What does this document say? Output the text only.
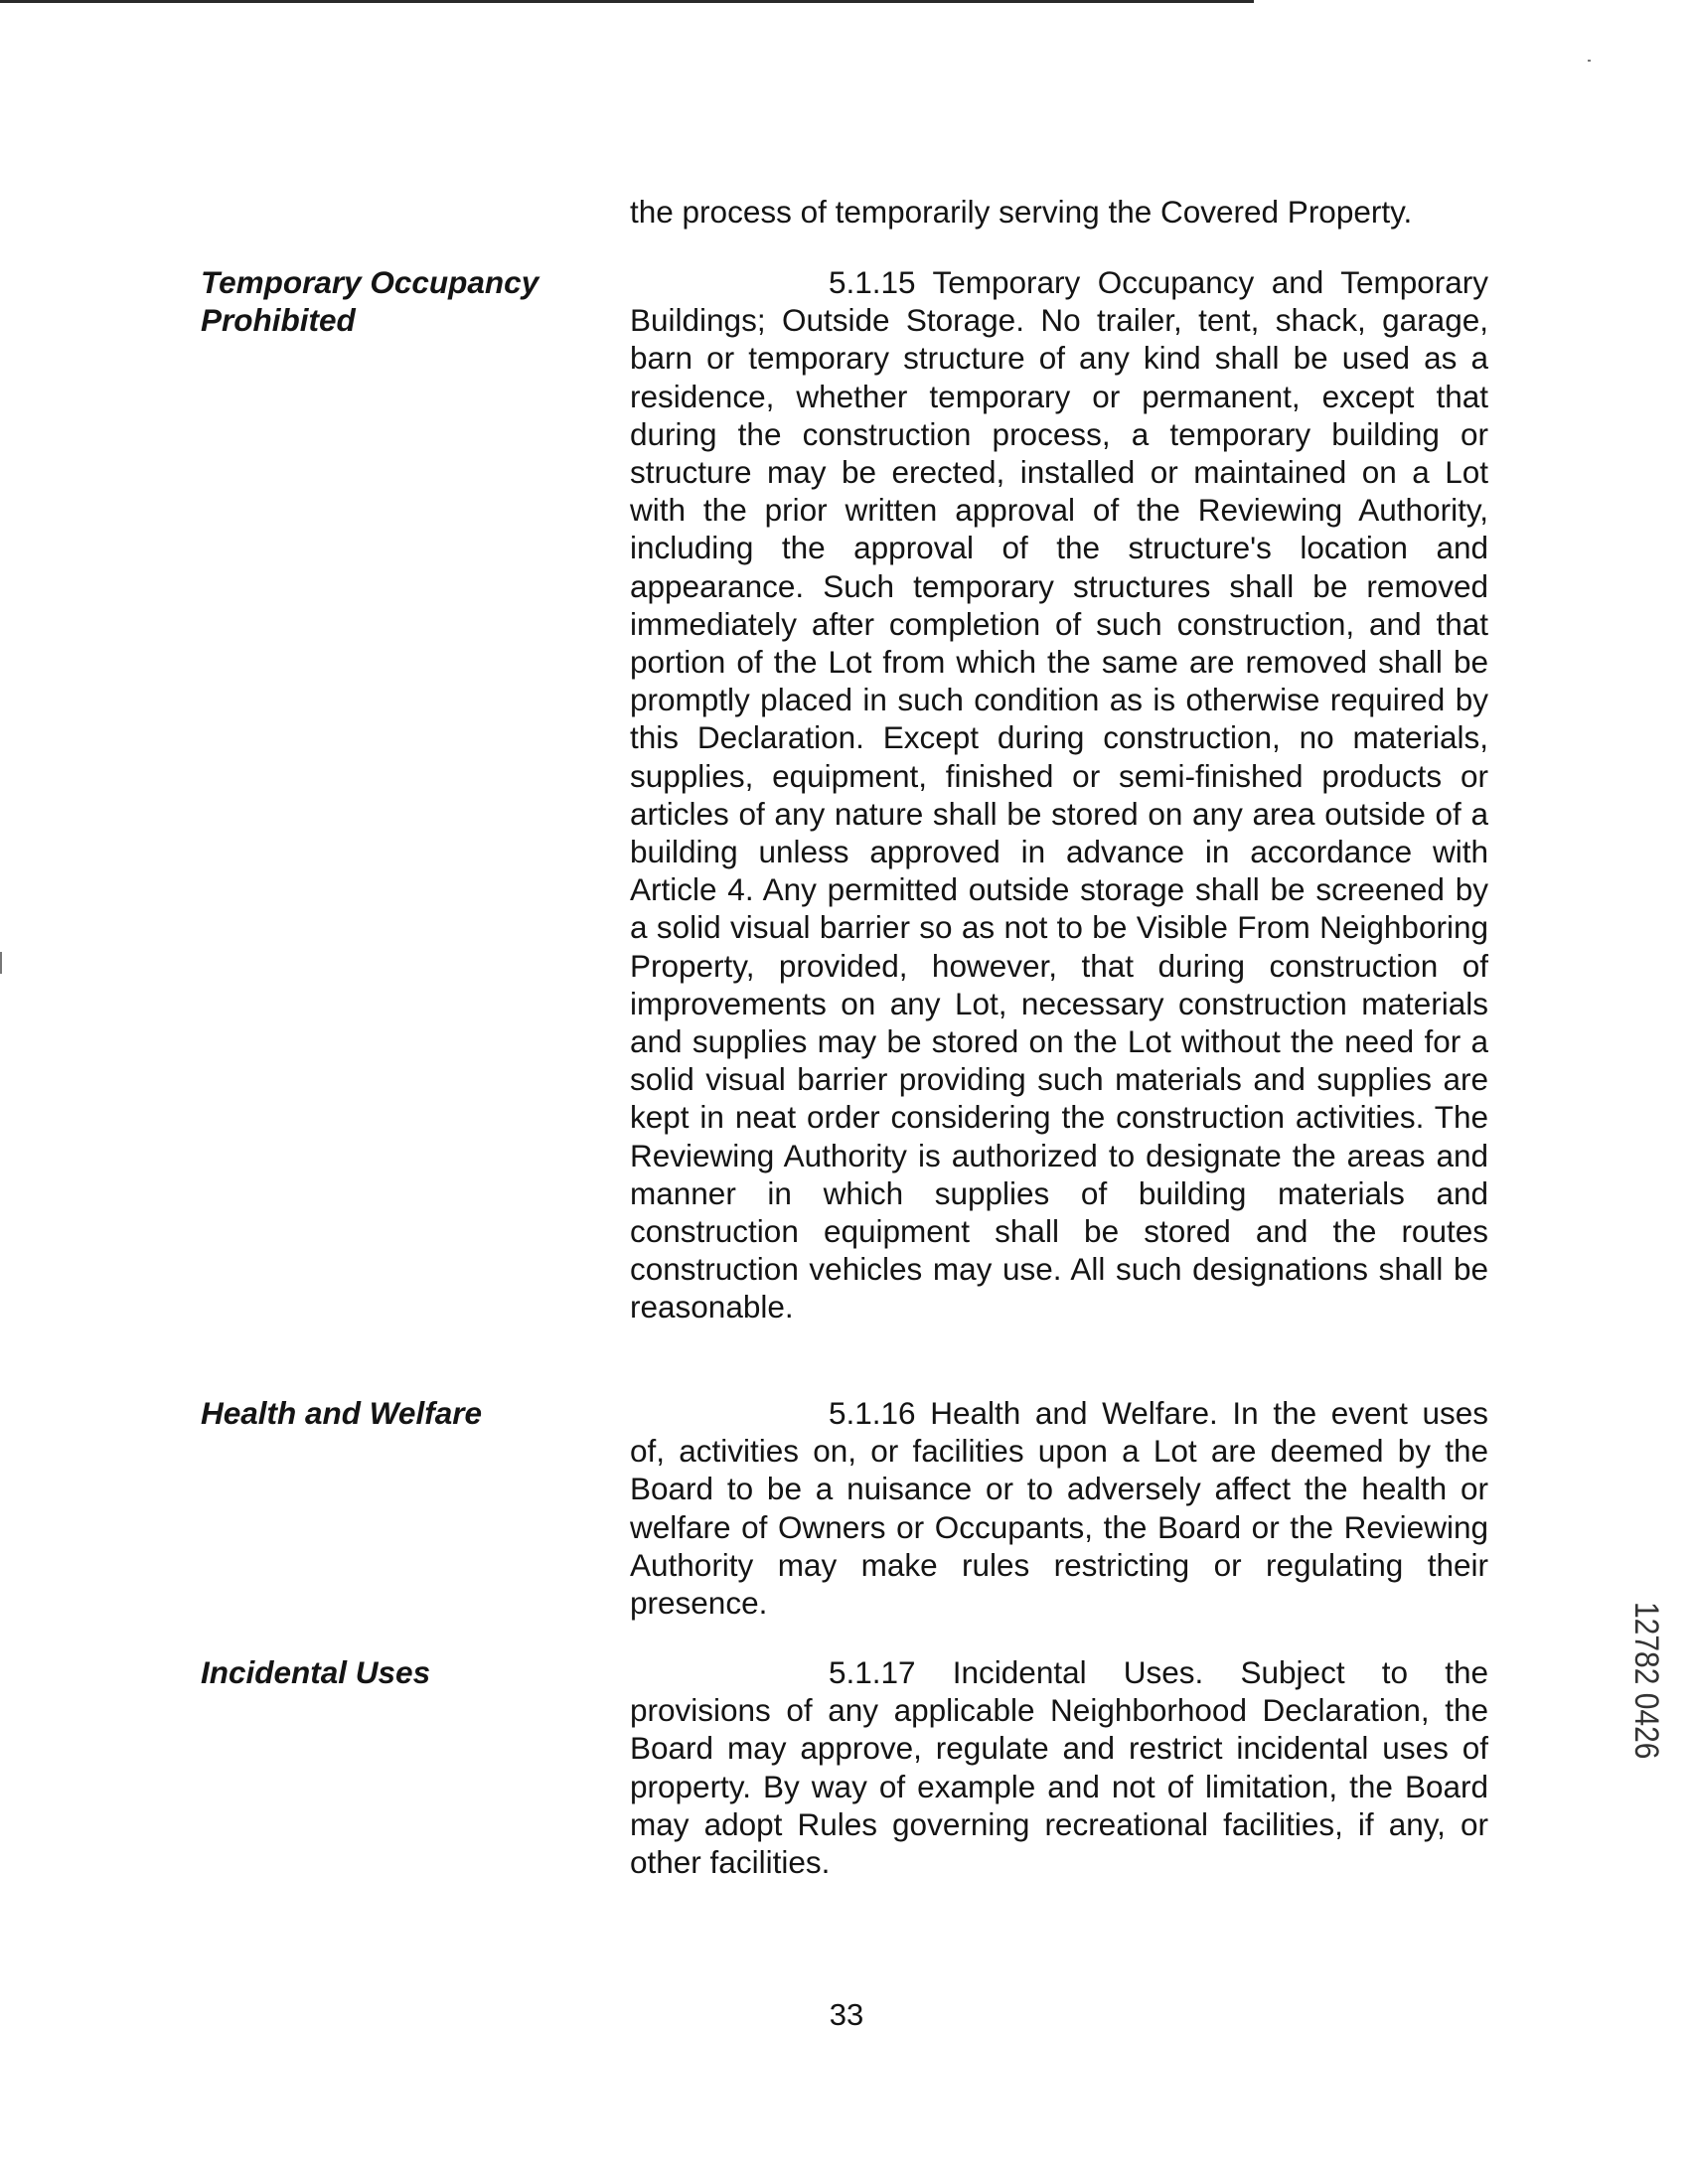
the process of temporarily serving the Covered Property.

Temporary Occupancy Prohibited

5.1.15 Temporary Occupancy and Temporary Buildings; Outside Storage. No trailer, tent, shack, garage, barn or temporary structure of any kind shall be used as a residence, whether temporary or permanent, except that during the construction process, a temporary building or structure may be erected, installed or maintained on a Lot with the prior written approval of the Reviewing Authority, including the approval of the structure's location and appearance. Such temporary structures shall be removed immediately after completion of such construction, and that portion of the Lot from which the same are removed shall be promptly placed in such condition as is otherwise required by this Declaration. Except during construction, no materials, supplies, equipment, finished or semi-finished products or articles of any nature shall be stored on any area outside of a building unless approved in advance in accordance with Article 4. Any permitted outside storage shall be screened by a solid visual barrier so as not to be Visible From Neighboring Property, provided, however, that during construction of improvements on any Lot, necessary construction materials and supplies may be stored on the Lot without the need for a solid visual barrier providing such materials and supplies are kept in neat order considering the construction activities. The Reviewing Authority is authorized to designate the areas and manner in which supplies of building materials and construction equipment shall be stored and the routes construction vehicles may use. All such designations shall be reasonable.

Health and Welfare	5.1.16 Health and Welfare. In the event uses of, activities on, or facilities upon a Lot are deemed by the Board to be a nuisance or to adversely affect the health or welfare of Owners or Occupants, the Board or the Reviewing Authority may make rules restricting or regulating their presence.

Incidental Uses	5.1.17 Incidental Uses. Subject to the provisions of any applicable Neighborhood Declaration, the Board may approve, regulate and restrict incidental uses of property. By way of example and not of limitation, the Board may adopt Rules governing recreational facilities, if any, or other facilities.

33

12782 0426
